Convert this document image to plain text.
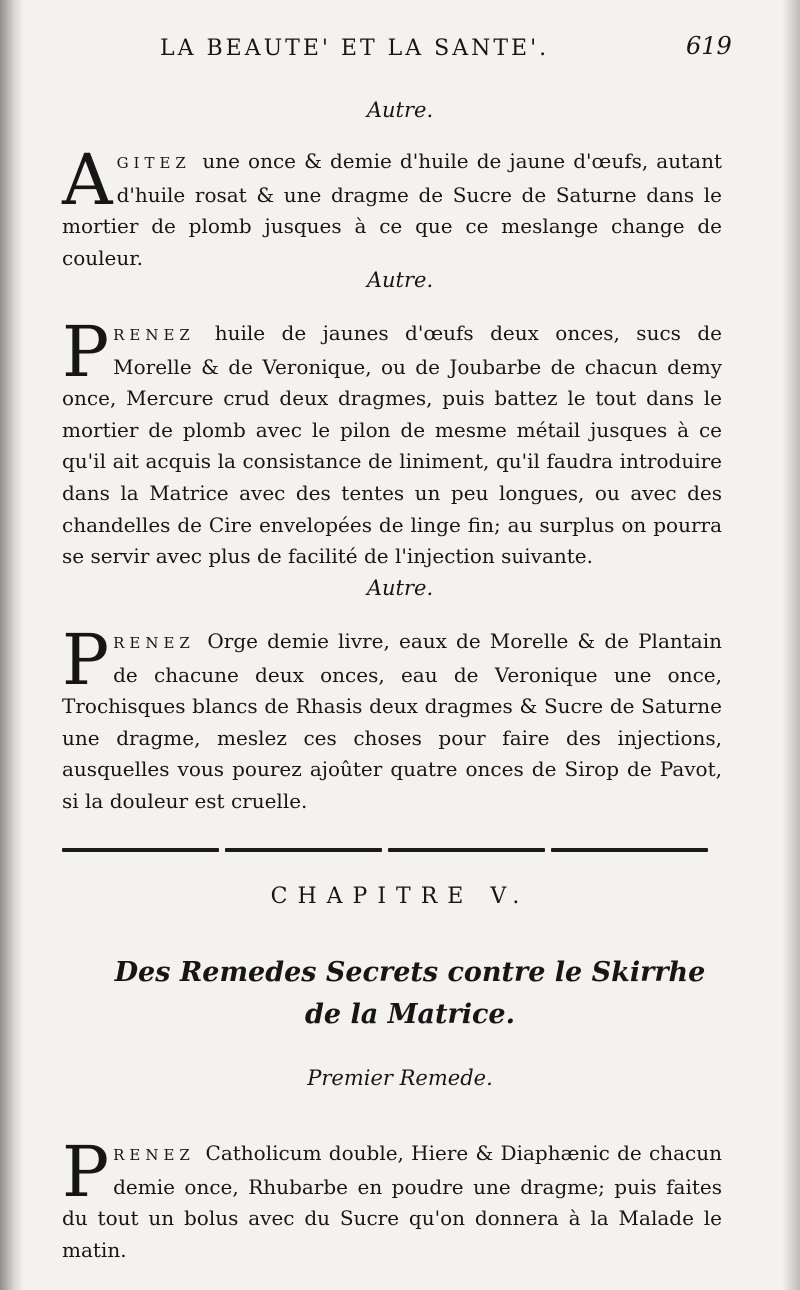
LA BEAUTE' ET LA SANTE'.	619
Autre.
A GITEZ une once & demie d'huile de jaune d'œufs, autant d'huile rosat & une dragme de Sucre de Saturne dans le mortier de plomb jusques à ce que ce meslange change de couleur.
Autre.
P RENEZ huile de jaunes d'œufs deux onces, sucs de Morelle & de Veronique, ou de Joubarbe de chacun demy once, Mercure crud deux dragmes, puis battez le tout dans le mortier de plomb avec le pilon de mesme métail jusques à ce qu'il ait acquis la consistance de liniment, qu'il faudra introduire dans la Matrice avec des tentes un peu longues, ou avec des chandelles de Cire envelopées de linge fin; au surplus on pourra se servir avec plus de facilité de l'injection suivante.
Autre.
P RENEZ Orge demie livre, eaux de Morelle & de Plantain de chacune deux onces, eau de Veronique une once, Trochisques blancs de Rhasis deux dragmes & Sucre de Saturne une dragme, meslez ces choses pour faire des injections, ausquelles vous pourez ajoûter quatre onces de Sirop de Pavot, si la douleur est cruelle.
CHAPITRE V.
Des Remedes Secrets contre le Skirrhe de la Matrice.
Premier Remede.
P RENEZ Catholicum double, Hiere & Diaphænic de chacun demie once, Rhubarbe en poudre une dragme; puis faites du tout un bolus avec du Sucre qu'on donnera à la Malade le matin.
